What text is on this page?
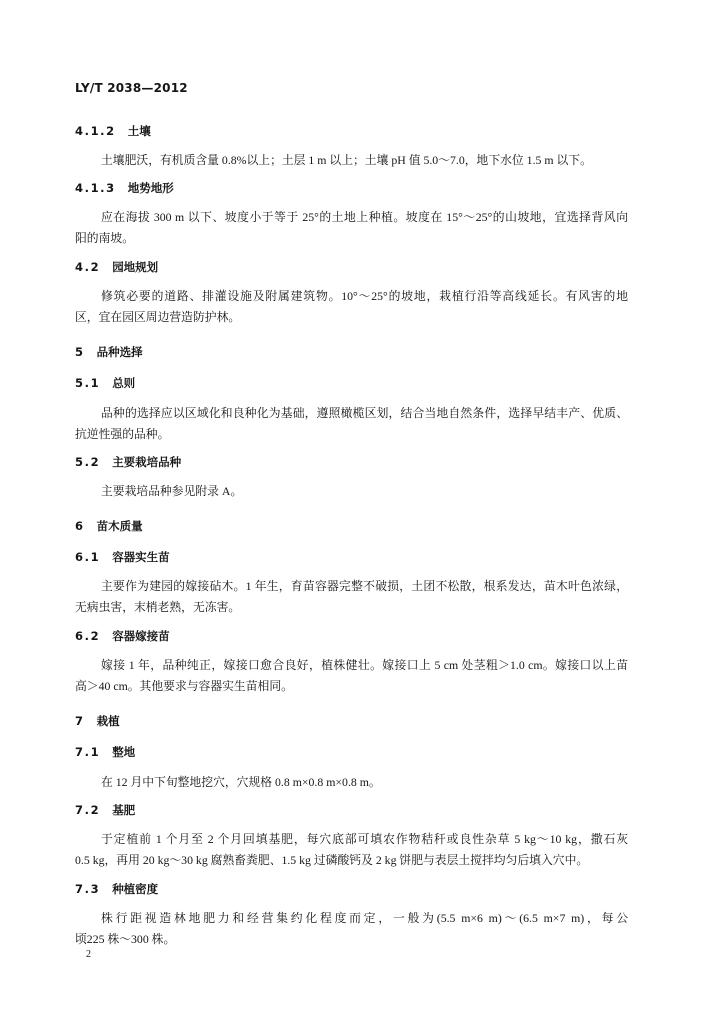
LY/T 2038—2012
4.1.2 土壤
土壤肥沃，有机质含量 0.8%以上；土层 1 m 以上；土壤 pH 值 5.0～7.0，地下水位 1.5 m 以下。
4.1.3 地势地形
应在海拔 300 m 以下、坡度小于等于 25°的土地上种植。坡度在 15°～25°的山坡地，宜选择背风向
阳的南坡。
4.2 园地规划
修筑必要的道路、排灌设施及附属建筑物。10°～25°的坡地，栽植行沿等高线延长。有风害的地
区，宜在园区周边营造防护林。
5 品种选择
5.1 总则
品种的选择应以区域化和良种化为基础，遵照橄榄区划，结合当地自然条件，选择早结丰产、优质、
抗逆性强的品种。
5.2 主要栽培品种
主要栽培品种参见附录 A。
6 苗木质量
6.1 容器实生苗
主要作为建园的嫁接砧木。1 年生，育苗容器完整不破损，土团不松散，根系发达，苗木叶色浓绿，
无病虫害，末梢老熟，无冻害。
6.2 容器嫁接苗
嫁接 1 年，品种纯正，嫁接口愈合良好，植株健壮。嫁接口上 5 cm 处茎粗＞1.0 cm。嫁接口以上苗
高＞40 cm。其他要求与容器实生苗相同。
7 栽植
7.1 整地
在 12 月中下旬整地挖穴，穴规格 0.8 m×0.8 m×0.8 m。
7.2 基肥
于定植前 1 个月至 2 个月回填基肥，每穴底部可填农作物秸秆或良性杂草 5 kg～10 kg，撒石灰
0.5 kg，再用 20 kg～30 kg 腐熟畜粪肥、1.5 kg 过磷酸钙及 2 kg 饼肥与表层土搅拌均匀后填入穴中。
7.3 种植密度
株行距视造林地肥力和经营集约化程度而定，一般为(5.5 m×6 m)～(6.5 m×7 m)，每公
顷225 株～300 株。
2
